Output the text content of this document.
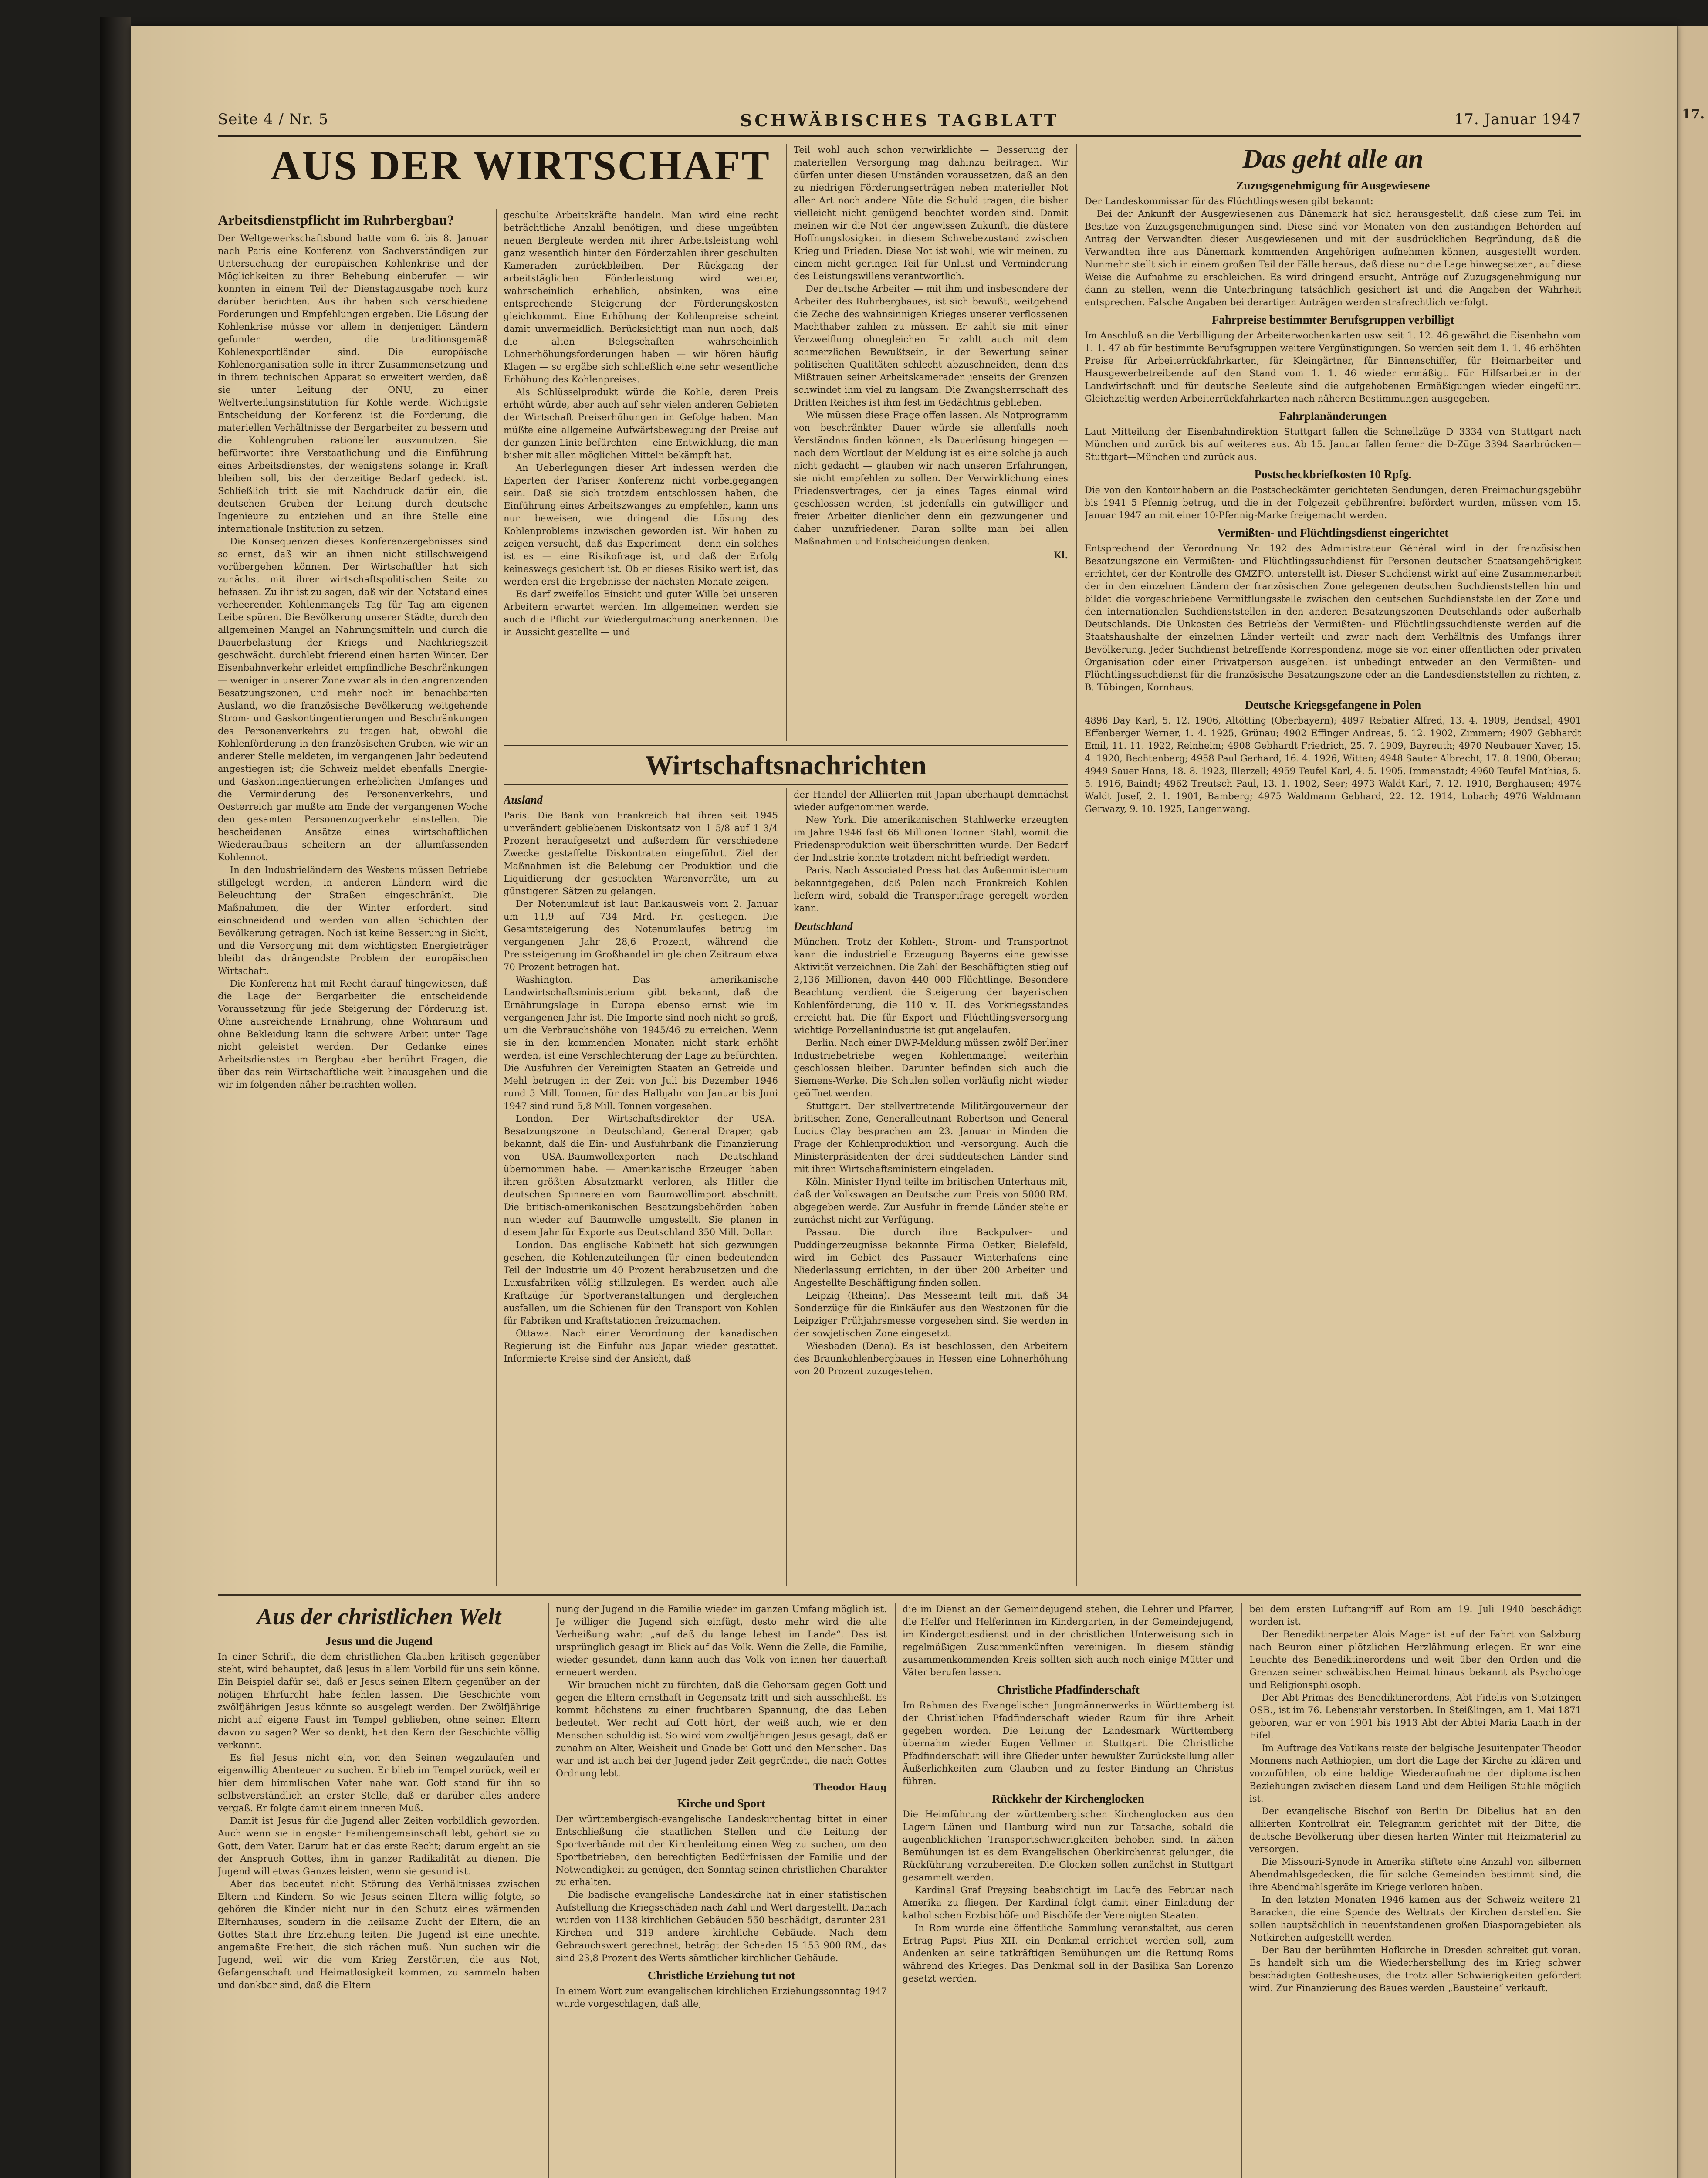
17.
Seite 4 / Nr. 5	SCHWÄBISCHES TAGBLATT	17. Januar 1947
AUS DER WIRTSCHAFT
Arbeitsdienstpflicht im Ruhrbergbau?

Der Weltgewerkschaftsbund hatte vom 6. bis 8. Januar nach Paris eine Konferenz von Sachverständigen zur Untersuchung der europäischen Kohlenkrise und der Möglichkeiten zu ihrer Behebung einberufen — wir konnten in einem Teil der Dienstagausgabe noch kurz darüber berichten. Aus ihr haben sich verschiedene Forderungen und Empfehlungen ergeben. Die Lösung der Kohlenkrise müsse vor allem in denjenigen Ländern gefunden werden, die traditionsgemäß Kohlenexportländer sind. Die europäische Kohlenorganisation solle in ihrer Zusammensetzung und in ihrem technischen Apparat so erweitert werden, daß sie unter Leitung der ONU, zu einer Weltverteilungsinstitution für Kohle werde. Wichtigste Entscheidung der Konferenz ist die Forderung, die materiellen Verhältnisse der Bergarbeiter zu bessern und die Kohlengruben rationeller auszunutzen. Sie befürwortet ihre Verstaatlichung und die Einführung eines Arbeitsdienstes, der wenigstens solange in Kraft bleiben soll, bis der derzeitige Bedarf gedeckt ist. Schließlich tritt sie mit Nachdruck dafür ein, die deutschen Gruben der Leitung durch deutsche Ingenieure zu entziehen und an ihre Stelle eine internationale Institution zu setzen.

Die Konsequenzen dieses Konferenzergebnisses sind so ernst, daß wir an ihnen nicht stillschweigend vorübergehen können. Der Wirtschaftler hat sich zunächst mit ihrer wirtschaftspolitischen Seite zu befassen. Zu ihr ist zu sagen, daß wir den Notstand eines verheerenden Kohlenmangels Tag für Tag am eigenen Leibe spüren. Die Bevölkerung unserer Städte, durch den allgemeinen Mangel an Nahrungsmitteln und durch die Dauerbelastung der Kriegs- und Nachkriegszeit geschwächt, durchlebt frierend einen harten Winter. Der Eisenbahnverkehr erleidet empfindliche Beschränkungen — weniger in unserer Zone zwar als in den angrenzenden Besatzungszonen, und mehr noch im benachbarten Ausland, wo die französische Bevölkerung weitgehende Strom- und Gaskontingentierungen und Beschränkungen des Personenverkehrs zu tragen hat, obwohl die Kohlenförderung in den französischen Gruben, wie wir an anderer Stelle meldeten, im vergangenen Jahr bedeutend angestiegen ist; die Schweiz meldet ebenfalls Energie- und Gaskontingentierungen erheblichen Umfanges und die Verminderung des Personenverkehrs, und Oesterreich gar mußte am Ende der vergangenen Woche den gesamten Personenzugverkehr einstellen. Die bescheidenen Ansätze eines wirtschaftlichen Wiederaufbaus scheitern an der allumfassenden Kohlennot.

In den Industrieländern des Westens müssen Betriebe stillgelegt werden, in anderen Ländern wird die Beleuchtung der Straßen eingeschränkt. Die Maßnahmen, die der Winter erfordert, sind einschneidend und werden von allen Schichten der Bevölkerung getragen. Noch ist keine Besserung in Sicht, und die Versorgung mit dem wichtigsten Energieträger bleibt das drängendste Problem der europäischen Wirtschaft.

Die Konferenz hat mit Recht darauf hingewiesen, daß die Lage der Bergarbeiter die entscheidende Voraussetzung für jede Steigerung der Förderung ist. Ohne ausreichende Ernährung, ohne Wohnraum und ohne Bekleidung kann die schwere Arbeit unter Tage nicht geleistet werden. Der Gedanke eines Arbeitsdienstes im Bergbau aber berührt Fragen, die über das rein Wirtschaftliche weit hinausgehen und die wir im folgenden näher betrachten wollen.

geschulte Arbeitskräfte handeln. Man wird eine recht beträchtliche Anzahl benötigen, und diese ungeübten neuen Bergleute werden mit ihrer Arbeitsleistung wohl ganz wesentlich hinter den Förderzahlen ihrer geschulten Kameraden zurückbleiben. Der Rückgang der arbeitstäglichen Förderleistung wird weiter, wahrscheinlich erheblich, absinken, was eine entsprechende Steigerung der Förderungskosten gleichkommt. Eine Erhöhung der Kohlenpreise scheint damit unvermeidlich. Berücksichtigt man nun noch, daß die alten Belegschaften wahrscheinlich Lohnerhöhungsforderungen haben — wir hören häufig Klagen — so ergäbe sich schließlich eine sehr wesentliche Erhöhung des Kohlenpreises.

Als Schlüsselprodukt würde die Kohle, deren Preis erhöht würde, aber auch auf sehr vielen anderen Gebieten der Wirtschaft Preiserhöhungen im Gefolge haben. Man müßte eine allgemeine Aufwärtsbewegung der Preise auf der ganzen Linie befürchten — eine Entwicklung, die man bisher mit allen möglichen Mitteln bekämpft hat.

An Ueberlegungen dieser Art indessen werden die Experten der Pariser Konferenz nicht vorbeigegangen sein. Daß sie sich trotzdem entschlossen haben, die Einführung eines Arbeitszwanges zu empfehlen, kann uns nur beweisen, wie dringend die Lösung des Kohlenproblems inzwischen geworden ist. Wir haben zu zeigen versucht, daß das Experiment — denn ein solches ist es — eine Risikofrage ist, und daß der Erfolg keineswegs gesichert ist. Ob er dieses Risiko wert ist, das werden erst die Ergebnisse der nächsten Monate zeigen.

Es darf zweifellos Einsicht und guter Wille bei unseren Arbeitern erwartet werden. Im allgemeinen werden sie auch die Pflicht zur Wiedergutmachung anerkennen. Die in Aussicht gestellte — und

Teil wohl auch schon verwirklichte — Besserung der materiellen Versorgung mag dahinzu beitragen. Wir dürfen unter diesen Umständen voraussetzen, daß an den zu niedrigen Förderungserträgen neben materieller Not aller Art noch andere Nöte die Schuld tragen, die bisher vielleicht nicht genügend beachtet worden sind. Damit meinen wir die Not der ungewissen Zukunft, die düstere Hoffnungslosigkeit in diesem Schwebezustand zwischen Krieg und Frieden. Diese Not ist wohl, wie wir meinen, zu einem nicht geringen Teil für Unlust und Verminderung des Leistungswillens verantwortlich.

Der deutsche Arbeiter — mit ihm und insbesondere der Arbeiter des Ruhrbergbaues, ist sich bewußt, weitgehend die Zeche des wahnsinnigen Krieges unserer verflossenen Machthaber zahlen zu müssen. Er zahlt sie mit einer Verzweiflung ohnegleichen. Er zahlt auch mit dem schmerzlichen Bewußtsein, in der Bewertung seiner politischen Qualitäten schlecht abzuschneiden, denn das Mißtrauen seiner Arbeitskameraden jenseits der Grenzen schwindet ihm viel zu langsam. Die Zwangsherrschaft des Dritten Reiches ist ihm fest im Gedächtnis geblieben.

Wie müssen diese Frage offen lassen. Als Notprogramm von beschränkter Dauer würde sie allenfalls noch Verständnis finden können, als Dauerlösung hingegen — nach dem Wortlaut der Meldung ist es eine solche ja auch nicht gedacht — glauben wir nach unseren Erfahrungen, sie nicht empfehlen zu sollen. Der Verwirklichung eines Friedensvertrages, der ja eines Tages einmal wird geschlossen werden, ist jedenfalls ein gutwilliger und freier Arbeiter dienlicher denn ein gezwungener und daher unzufriedener. Daran sollte man bei allen Maßnahmen und Entscheidungen denken.

Kl.

Wirtschaftsnachrichten
Ausland

Paris. Die Bank von Frankreich hat ihren seit 1945 unverändert gebliebenen Diskontsatz von 1 5/8 auf 1 3/4 Prozent heraufgesetzt und außerdem für verschiedene Zwecke gestaffelte Diskontraten eingeführt. Ziel der Maßnahmen ist die Belebung der Produktion und die Liquidierung der gestockten Warenvorräte, um zu günstigeren Sätzen zu gelangen.

Der Notenumlauf ist laut Bankausweis vom 2. Januar um 11,9 auf 734 Mrd. Fr. gestiegen. Die Gesamtsteigerung des Notenumlaufes betrug im vergangenen Jahr 28,6 Prozent, während die Preissteigerung im Großhandel im gleichen Zeitraum etwa 70 Prozent betragen hat.

Washington. Das amerikanische Landwirtschaftsministerium gibt bekannt, daß die Ernährungslage in Europa ebenso ernst wie im vergangenen Jahr ist. Die Importe sind noch nicht so groß, um die Verbrauchshöhe von 1945/46 zu erreichen. Wenn sie in den kommenden Monaten nicht stark erhöht werden, ist eine Verschlechterung der Lage zu befürchten. Die Ausfuhren der Vereinigten Staaten an Getreide und Mehl betrugen in der Zeit von Juli bis Dezember 1946 rund 5 Mill. Tonnen, für das Halbjahr von Januar bis Juni 1947 sind rund 5,8 Mill. Tonnen vorgesehen.

London. Der Wirtschaftsdirektor der USA.-Besatzungszone in Deutschland, General Draper, gab bekannt, daß die Ein- und Ausfuhrbank die Finanzierung von USA.-Baumwollexporten nach Deutschland übernommen habe. — Amerikanische Erzeuger haben ihren größten Absatzmarkt verloren, als Hitler die deutschen Spinnereien vom Baumwollimport abschnitt. Die britisch-amerikanischen Besatzungsbehörden haben nun wieder auf Baumwolle umgestellt. Sie planen in diesem Jahr für Exporte aus Deutschland 350 Mill. Dollar.

London. Das englische Kabinett hat sich gezwungen gesehen, die Kohlenzuteilungen für einen bedeutenden Teil der Industrie um 40 Prozent herabzusetzen und die Luxusfabriken völlig stillzulegen. Es werden auch alle Kraftzüge für Sportveranstaltungen und dergleichen ausfallen, um die Schienen für den Transport von Kohlen für Fabriken und Kraftstationen freizumachen.

Ottawa. Nach einer Verordnung der kanadischen Regierung ist die Einfuhr aus Japan wieder gestattet. Informierte Kreise sind der Ansicht, daß

der Handel der Alliierten mit Japan überhaupt demnächst wieder aufgenommen werde.

New York. Die amerikanischen Stahlwerke erzeugten im Jahre 1946 fast 66 Millionen Tonnen Stahl, womit die Friedensproduktion weit überschritten wurde. Der Bedarf der Industrie konnte trotzdem nicht befriedigt werden.

Paris. Nach Associated Press hat das Außenministerium bekanntgegeben, daß Polen nach Frankreich Kohlen liefern wird, sobald die Transportfrage geregelt worden kann.

Deutschland

München. Trotz der Kohlen-, Strom- und Transportnot kann die industrielle Erzeugung Bayerns eine gewisse Aktivität verzeichnen. Die Zahl der Beschäftigten stieg auf 2,136 Millionen, davon 440 000 Flüchtlinge. Besondere Beachtung verdient die Steigerung der bayerischen Kohlenförderung, die 110 v. H. des Vorkriegsstandes erreicht hat. Die für Export und Flüchtlingsversorgung wichtige Porzellanindustrie ist gut angelaufen.

Berlin. Nach einer DWP-Meldung müssen zwölf Berliner Industriebetriebe wegen Kohlenmangel weiterhin geschlossen bleiben. Darunter befinden sich auch die Siemens-Werke. Die Schulen sollen vorläufig nicht wieder geöffnet werden.

Stuttgart. Der stellvertretende Militärgouverneur der britischen Zone, Generalleutnant Robertson und General Lucius Clay besprachen am 23. Januar in Minden die Frage der Kohlenproduktion und -versorgung. Auch die Ministerpräsidenten der drei süddeutschen Länder sind mit ihren Wirtschaftsministern eingeladen.

Köln. Minister Hynd teilte im britischen Unterhaus mit, daß der Volkswagen an Deutsche zum Preis von 5000 RM. abgegeben werde. Zur Ausfuhr in fremde Länder stehe er zunächst nicht zur Verfügung.

Passau. Die durch ihre Backpulver- und Puddingerzeugnisse bekannte Firma Oetker, Bielefeld, wird im Gebiet des Passauer Winterhafens eine Niederlassung errichten, in der über 200 Arbeiter und Angestellte Beschäftigung finden sollen.

Leipzig (Rheina). Das Messeamt teilt mit, daß 34 Sonderzüge für die Einkäufer aus den Westzonen für die Leipziger Frühjahrsmesse vorgesehen sind. Sie werden in der sowjetischen Zone eingesetzt.

Wiesbaden (Dena). Es ist beschlossen, den Arbeitern des Braunkohlenbergbaues in Hessen eine Lohnerhöhung von 20 Prozent zuzugestehen.

Das geht alle an
Zuzugsgenehmigung für Ausgewiesene

Der Landeskommissar für das Flüchtlingswesen gibt bekannt:

Bei der Ankunft der Ausgewiesenen aus Dänemark hat sich herausgestellt, daß diese zum Teil im Besitze von Zuzugsgenehmigungen sind. Diese sind vor Monaten von den zuständigen Behörden auf Antrag der Verwandten dieser Ausgewiesenen und mit der ausdrücklichen Begründung, daß die Verwandten ihre aus Dänemark kommenden Angehörigen aufnehmen können, ausgestellt worden. Nunmehr stellt sich in einem großen Teil der Fälle heraus, daß diese nur die Lage hinwegsetzen, auf diese Weise die Aufnahme zu erschleichen. Es wird dringend ersucht, Anträge auf Zuzugsgenehmigung nur dann zu stellen, wenn die Unterbringung tatsächlich gesichert ist und die Angaben der Wahrheit entsprechen. Falsche Angaben bei derartigen Anträgen werden strafrechtlich verfolgt.

Fahrpreise bestimmter Berufsgruppen verbilligt

Im Anschluß an die Verbilligung der Arbeiterwochenkarten usw. seit 1. 12. 46 gewährt die Eisenbahn vom 1. 1. 47 ab für bestimmte Berufsgruppen weitere Vergünstigungen. So werden seit dem 1. 1. 46 erhöhten Preise für Arbeiterrückfahrkarten, für Kleingärtner, für Binnenschiffer, für Heimarbeiter und Hausgewerbetreibende auf den Stand vom 1. 1. 46 wieder ermäßigt. Für Hilfsarbeiter in der Landwirtschaft und für deutsche Seeleute sind die aufgehobenen Ermäßigungen wieder eingeführt. Gleichzeitig werden Arbeiterrückfahrkarten nach näheren Bestimmungen ausgegeben.

Fahrplanänderungen

Laut Mitteilung der Eisenbahndirektion Stuttgart fallen die Schnellzüge D 3334 von Stuttgart nach München und zurück bis auf weiteres aus. Ab 15. Januar fallen ferner die D-Züge 3394 Saarbrücken—Stuttgart—München und zurück aus.

Postscheckbriefkosten 10 Rpfg.

Die von den Kontoinhabern an die Postscheckämter gerichteten Sendungen, deren Freimachungsgebühr bis 1941 5 Pfennig betrug, und die in der Folgezeit gebührenfrei befördert wurden, müssen vom 15. Januar 1947 an mit einer 10-Pfennig-Marke freigemacht werden.

Vermißten- und Flüchtlingsdienst eingerichtet

Entsprechend der Verordnung Nr. 192 des Administrateur Général wird in der französischen Besatzungszone ein Vermißten- und Flüchtlingssuchdienst für Personen deutscher Staatsangehörigkeit errichtet, der der Kontrolle des GMZFO. unterstellt ist. Dieser Suchdienst wirkt auf eine Zusammenarbeit der in den einzelnen Ländern der französischen Zone gelegenen deutschen Suchdienststellen hin und bildet die vorgeschriebene Vermittlungsstelle zwischen den deutschen Suchdienststellen der Zone und den internationalen Suchdienststellen in den anderen Besatzungszonen Deutschlands oder außerhalb Deutschlands. Die Unkosten des Betriebs der Vermißten- und Flüchtlingssuchdienste werden auf die Staatshaushalte der einzelnen Länder verteilt und zwar nach dem Verhältnis des Umfangs ihrer Bevölkerung. Jeder Suchdienst betreffende Korrespondenz, möge sie von einer öffentlichen oder privaten Organisation oder einer Privatperson ausgehen, ist unbedingt entweder an den Vermißten- und Flüchtlingssuchdienst für die französische Besatzungszone oder an die Landesdienststellen zu richten, z. B. Tübingen, Kornhaus.

Deutsche Kriegsgefangene in Polen

4896 Day Karl, 5. 12. 1906, Altötting (Oberbayern); 4897 Rebatier Alfred, 13. 4. 1909, Bendsal; 4901 Effenberger Werner, 1. 4. 1925, Grünau; 4902 Effinger Andreas, 5. 12. 1902, Zimmern; 4907 Gebhardt Emil, 11. 11. 1922, Reinheim; 4908 Gebhardt Friedrich, 25. 7. 1909, Bayreuth; 4970 Neubauer Xaver, 15. 4. 1920, Bechtenberg; 4958 Paul Gerhard, 16. 4. 1926, Witten; 4948 Sauter Albrecht, 17. 8. 1900, Oberau; 4949 Sauer Hans, 18. 8. 1923, Illerzell; 4959 Teufel Karl, 4. 5. 1905, Immenstadt; 4960 Teufel Mathias, 5. 5. 1916, Baindt; 4962 Treutsch Paul, 13. 1. 1902, Seer; 4973 Waldt Karl, 7. 12. 1910, Berghausen; 4974 Waldt Josef, 2. 1. 1901, Bamberg; 4975 Waldmann Gebhard, 22. 12. 1914, Lobach; 4976 Waldmann Gerwazy, 9. 10. 1925, Langenwang.

Aus der christlichen Welt
Jesus und die Jugend

In einer Schrift, die dem christlichen Glauben kritisch gegenüber steht, wird behauptet, daß Jesus in allem Vorbild für uns sein könne. Ein Beispiel dafür sei, daß er Jesus seinen Eltern gegenüber an der nötigen Ehrfurcht habe fehlen lassen. Die Geschichte vom zwölfjährigen Jesus könnte so ausgelegt werden. Der Zwölfjährige nicht auf eigene Faust im Tempel geblieben, ohne seinen Eltern davon zu sagen? Wer so denkt, hat den Kern der Geschichte völlig verkannt.

Es fiel Jesus nicht ein, von den Seinen wegzulaufen und eigenwillig Abenteuer zu suchen. Er blieb im Tempel zurück, weil er hier dem himmlischen Vater nahe war. Gott stand für ihn so selbstverständlich an erster Stelle, daß er darüber alles andere vergaß. Er folgte damit einem inneren Muß.

Damit ist Jesus für die Jugend aller Zeiten vorbildlich geworden. Auch wenn sie in engster Familiengemeinschaft lebt, gehört sie zu Gott, dem Vater. Darum hat er das erste Recht; darum ergeht an sie der Anspruch Gottes, ihm in ganzer Radikalität zu dienen. Die Jugend will etwas Ganzes leisten, wenn sie gesund ist.

Aber das bedeutet nicht Störung des Verhältnisses zwischen Eltern und Kindern. So wie Jesus seinen Eltern willig folgte, so gehören die Kinder nicht nur in den Schutz eines wärmenden Elternhauses, sondern in die heilsame Zucht der Eltern, die an Gottes Statt ihre Erziehung leiten. Die Jugend ist eine unechte, angemaßte Freiheit, die sich rächen muß. Nun suchen wir die Jugend, weil wir die vom Krieg Zerstörten, die aus Not, Gefangenschaft und Heimatlosigkeit kommen, zu sammeln haben und dankbar sind, daß die Eltern

nung der Jugend in die Familie wieder im ganzen Umfang möglich ist. Je williger die Jugend sich einfügt, desto mehr wird die alte Verheißung wahr: „auf daß du lange lebest im Lande“. Das ist ursprünglich gesagt im Blick auf das Volk. Wenn die Zelle, die Familie, wieder gesundet, dann kann auch das Volk von innen her dauerhaft erneuert werden.

Wir brauchen nicht zu fürchten, daß die Gehorsam gegen Gott und gegen die Eltern ernsthaft in Gegensatz tritt und sich ausschließt. Es kommt höchstens zu einer fruchtbaren Spannung, die das Leben bedeutet. Wer recht auf Gott hört, der weiß auch, wie er den Menschen schuldig ist. So wird vom zwölfjährigen Jesus gesagt, daß er zunahm an Alter, Weisheit und Gnade bei Gott und den Menschen. Das war und ist auch bei der Jugend jeder Zeit gegründet, die nach Gottes Ordnung lebt.

Theodor Haug

Kirche und Sport

Der württembergisch-evangelische Landeskirchentag bittet in einer Entschließung die staatlichen Stellen und die Leitung der Sportverbände mit der Kirchenleitung einen Weg zu suchen, um den Sportbetrieben, den berechtigten Bedürfnissen der Familie und der Notwendigkeit zu genügen, den Sonntag seinen christlichen Charakter zu erhalten.

Die badische evangelische Landeskirche hat in einer statistischen Aufstellung die Kriegsschäden nach Zahl und Wert dargestellt. Danach wurden von 1138 kirchlichen Gebäuden 550 beschädigt, darunter 231 Kirchen und 319 andere kirchliche Gebäude. Nach dem Gebrauchswert gerechnet, beträgt der Schaden 15 153 900 RM., das sind 23,8 Prozent des Werts sämtlicher kirchlicher Gebäude.

Christliche Erziehung tut not

In einem Wort zum evangelischen kirchlichen Erziehungssonntag 1947 wurde vorgeschlagen, daß alle,

die im Dienst an der Gemeindejugend stehen, die Lehrer und Pfarrer, die Helfer und Helferinnen im Kindergarten, in der Gemeindejugend, im Kindergottesdienst und in der christlichen Unterweisung sich in regelmäßigen Zusammenkünften vereinigen. In diesem ständig zusammenkommenden Kreis sollten sich auch noch einige Mütter und Väter berufen lassen.

Christliche Pfadfinderschaft

Im Rahmen des Evangelischen Jungmännerwerks in Württemberg ist der Christlichen Pfadfinderschaft wieder Raum für ihre Arbeit gegeben worden. Die Leitung der Landesmark Württemberg übernahm wieder Eugen Vellmer in Stuttgart. Die Christliche Pfadfinderschaft will ihre Glieder unter bewußter Zurückstellung aller Äußerlichkeiten zum Glauben und zu fester Bindung an Christus führen.

Rückkehr der Kirchenglocken

Die Heimführung der württembergischen Kirchenglocken aus den Lagern Lünen und Hamburg wird nun zur Tatsache, sobald die augenblicklichen Transportschwierigkeiten behoben sind. In zähen Bemühungen ist es dem Evangelischen Oberkirchenrat gelungen, die Rückführung vorzubereiten. Die Glocken sollen zunächst in Stuttgart gesammelt werden.

Kardinal Graf Preysing beabsichtigt im Laufe des Februar nach Amerika zu fliegen. Der Kardinal folgt damit einer Einladung der katholischen Erzbischöfe und Bischöfe der Vereinigten Staaten.

In Rom wurde eine öffentliche Sammlung veranstaltet, aus deren Ertrag Papst Pius XII. ein Denkmal errichtet werden soll, zum Andenken an seine tatkräftigen Bemühungen um die Rettung Roms während des Krieges. Das Denkmal soll in der Basilika San Lorenzo gesetzt werden.

bei dem ersten Luftangriff auf Rom am 19. Juli 1940 beschädigt worden ist.

Der Benediktinerpater Alois Mager ist auf der Fahrt von Salzburg nach Beuron einer plötzlichen Herzlähmung erlegen. Er war eine Leuchte des Benediktinerordens und weit über den Orden und die Grenzen seiner schwäbischen Heimat hinaus bekannt als Psychologe und Religionsphilosoph.

Der Abt-Primas des Benediktinerordens, Abt Fidelis von Stotzingen OSB., ist im 76. Lebensjahr verstorben. In Steißlingen, am 1. Mai 1871 geboren, war er von 1901 bis 1913 Abt der Abtei Maria Laach in der Eifel.

Im Auftrage des Vatikans reiste der belgische Jesuitenpater Theodor Monnens nach Aethiopien, um dort die Lage der Kirche zu klären und vorzufühlen, ob eine baldige Wiederaufnahme der diplomatischen Beziehungen zwischen diesem Land und dem Heiligen Stuhle möglich ist.

Der evangelische Bischof von Berlin Dr. Dibelius hat an den alliierten Kontrollrat ein Telegramm gerichtet mit der Bitte, die deutsche Bevölkerung über diesen harten Winter mit Heizmaterial zu versorgen.

Die Missouri-Synode in Amerika stiftete eine Anzahl von silbernen Abendmahlsgedecken, die für solche Gemeinden bestimmt sind, die ihre Abendmahlsgeräte im Kriege verloren haben.

In den letzten Monaten 1946 kamen aus der Schweiz weitere 21 Baracken, die eine Spende des Weltrats der Kirchen darstellen. Sie sollen hauptsächlich in neuentstandenen großen Diasporagebieten als Notkirchen aufgestellt werden.

Der Bau der berühmten Hofkirche in Dresden schreitet gut voran. Es handelt sich um die Wiederherstellung des im Krieg schwer beschädigten Gotteshauses, die trotz aller Schwierigkeiten gefördert wird. Zur Finanzierung des Baues werden „Bausteine“ verkauft.
